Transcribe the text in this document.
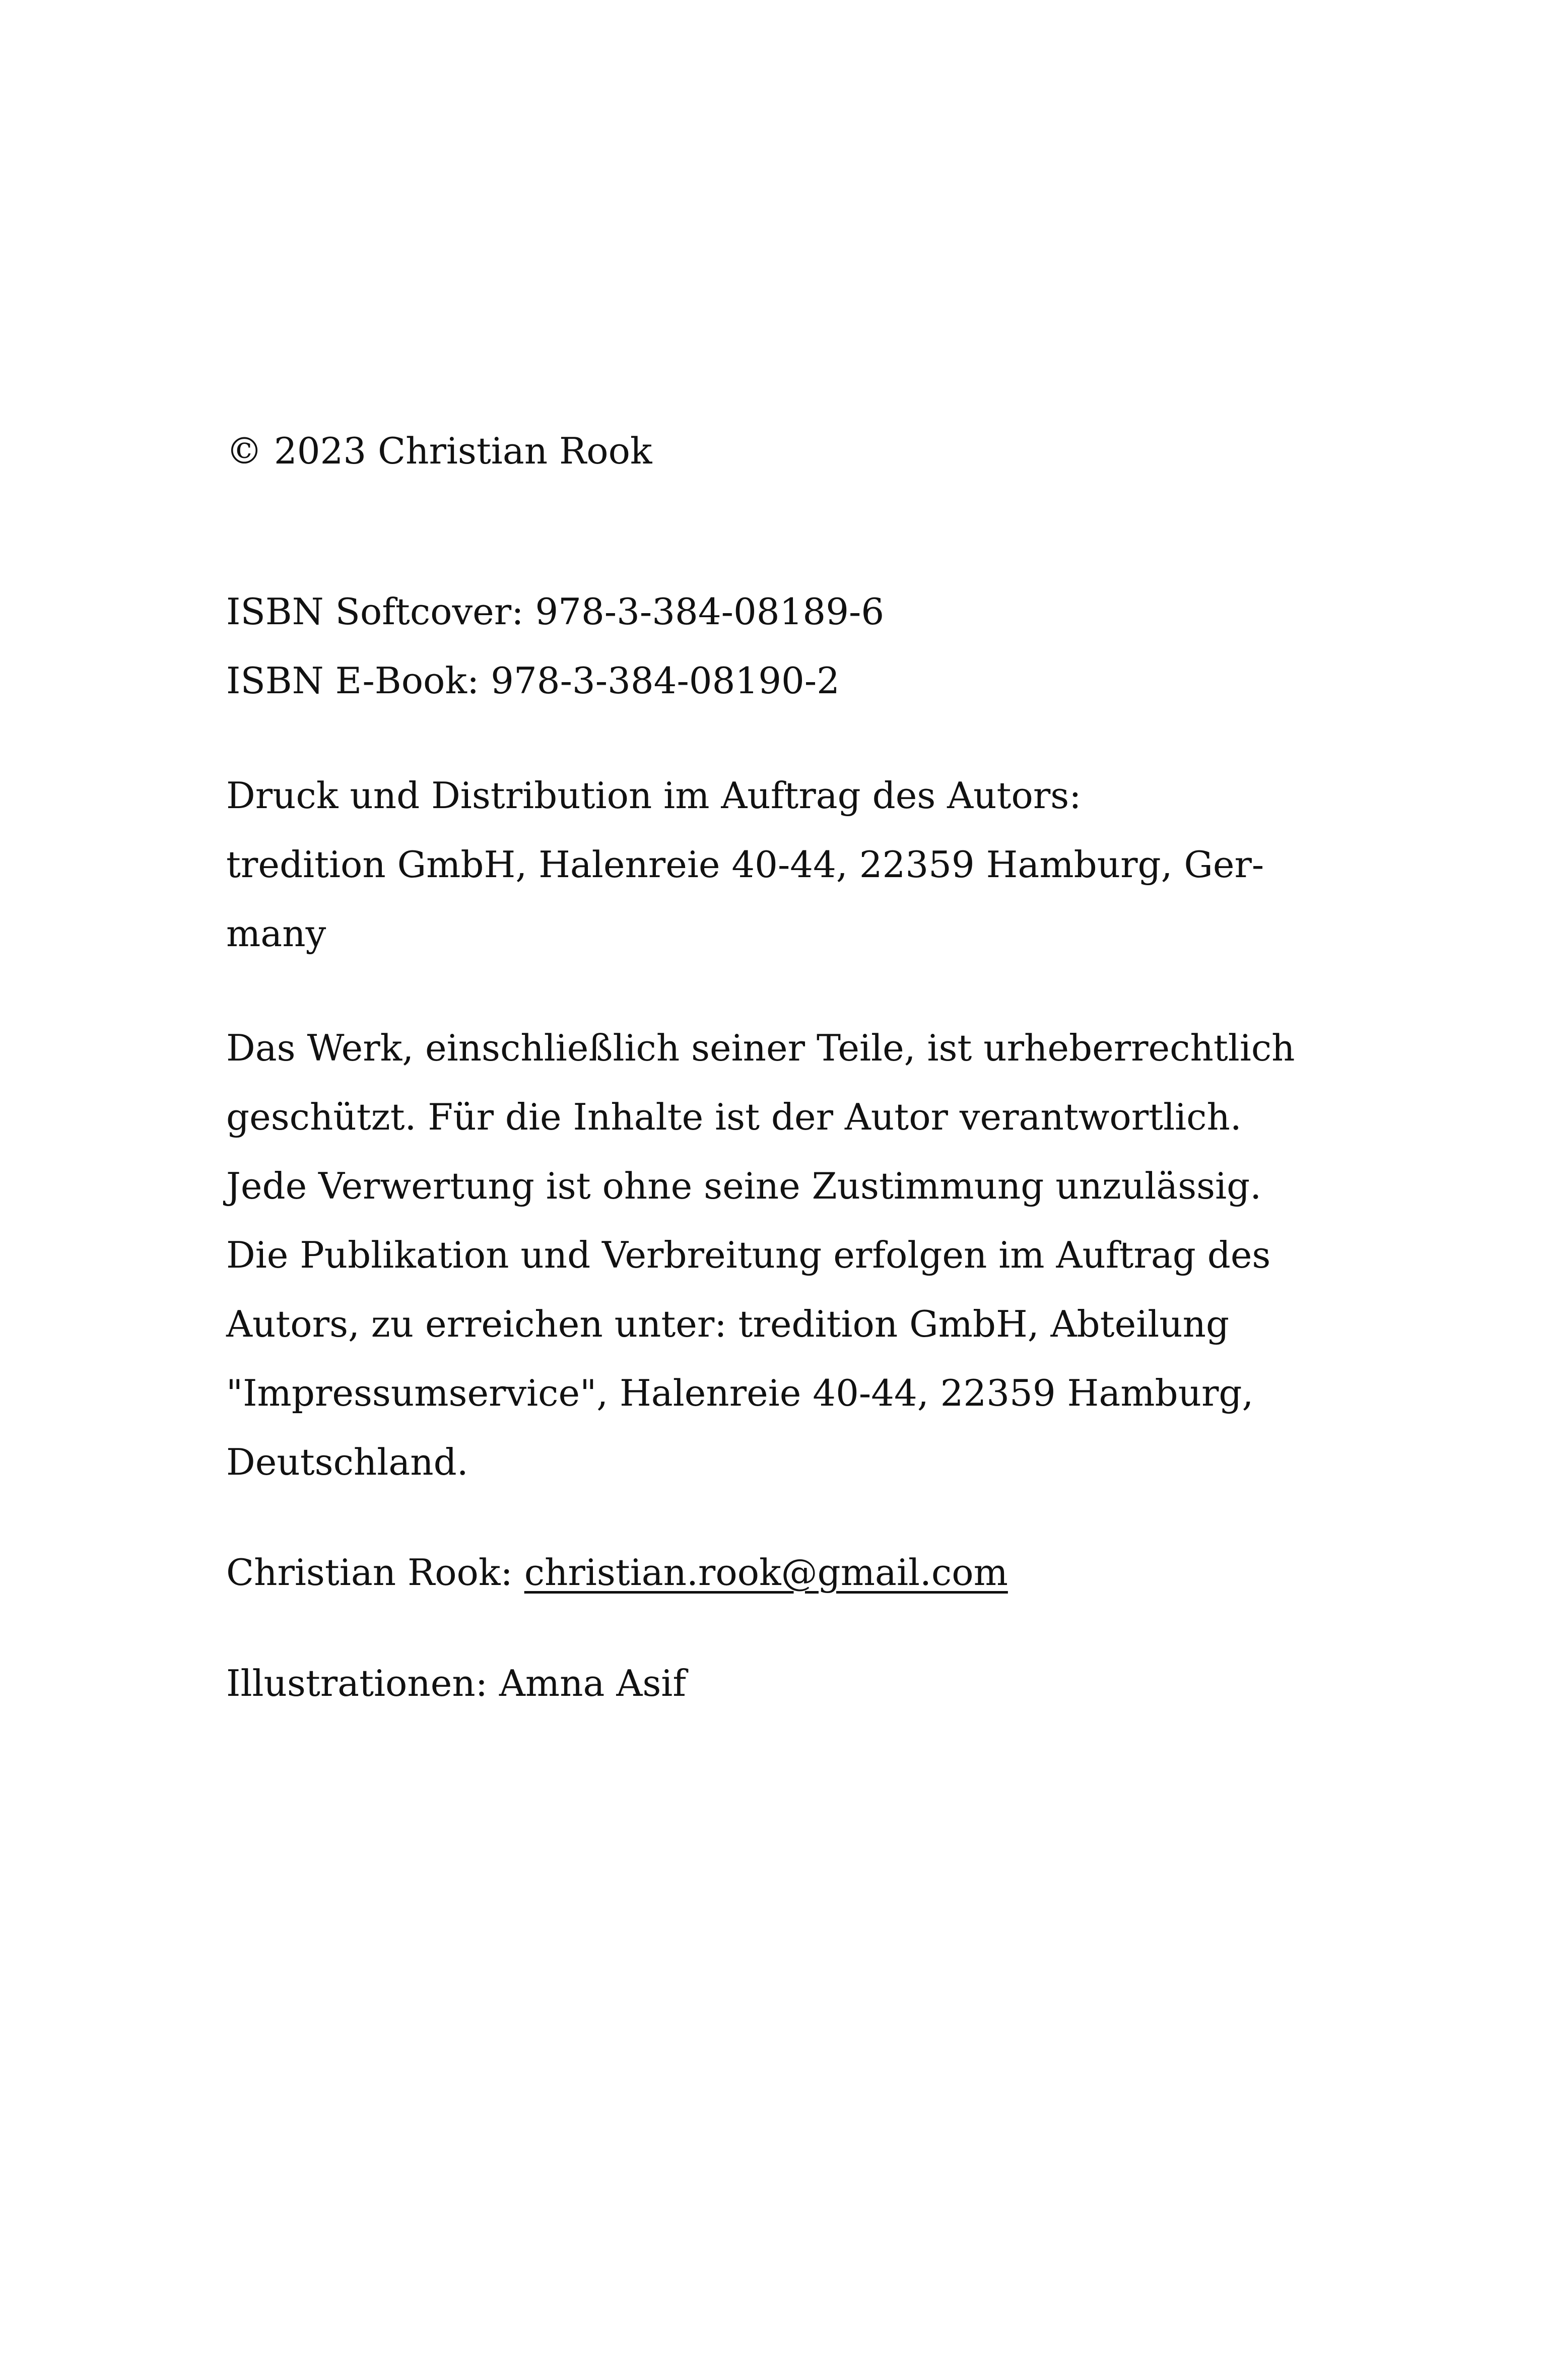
© 2023 Christian Rook

ISBN Softcover: 978-3-384-08189-6
ISBN E-Book: 978-3-384-08190-2

Druck und Distribution im Auftrag des Autors:
tredition GmbH, Halenreie 40-44, 22359 Hamburg, Ger-
many

Das Werk, einschließlich seiner Teile, ist urheberrechtlich
geschützt. Für die Inhalte ist der Autor verantwortlich.
Jede Verwertung ist ohne seine Zustimmung unzulässig.
Die Publikation und Verbreitung erfolgen im Auftrag des
Autors, zu erreichen unter: tredition GmbH, Abteilung
"Impressumservice", Halenreie 40-44, 22359 Hamburg,
Deutschland.

Christian Rook: christian.rook@gmail.com

Illustrationen: Amna Asif
